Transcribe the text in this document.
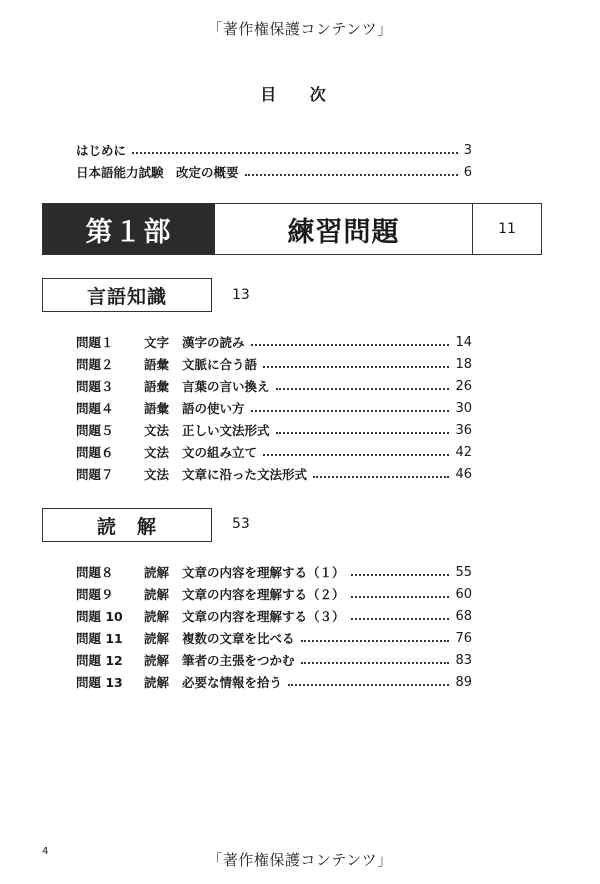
「著作権保護コンテンツ」
目 次
はじめに	3
日本語能力試験　改定の概要	6
第１部	練習問題	11
言語知識	13
問題１	文字	漢字の読み	14
問題２	語彙	文脈に合う語	18
問題３	語彙	言葉の言い換え	26
問題４	語彙	語の使い方	30
問題５	文法	正しい文法形式	36
問題６	文法	文の組み立て	42
問題７	文法	文章に沿った文法形式	46
読　解	53
問題８	読解	文章の内容を理解する（１）	55
問題９	読解	文章の内容を理解する（２）	60
問題 10	読解	文章の内容を理解する（３）	68
問題 11	読解	複数の文章を比べる	76
問題 12	読解	筆者の主張をつかむ	83
問題 13	読解	必要な情報を拾う	89
4	「著作権保護コンテンツ」
